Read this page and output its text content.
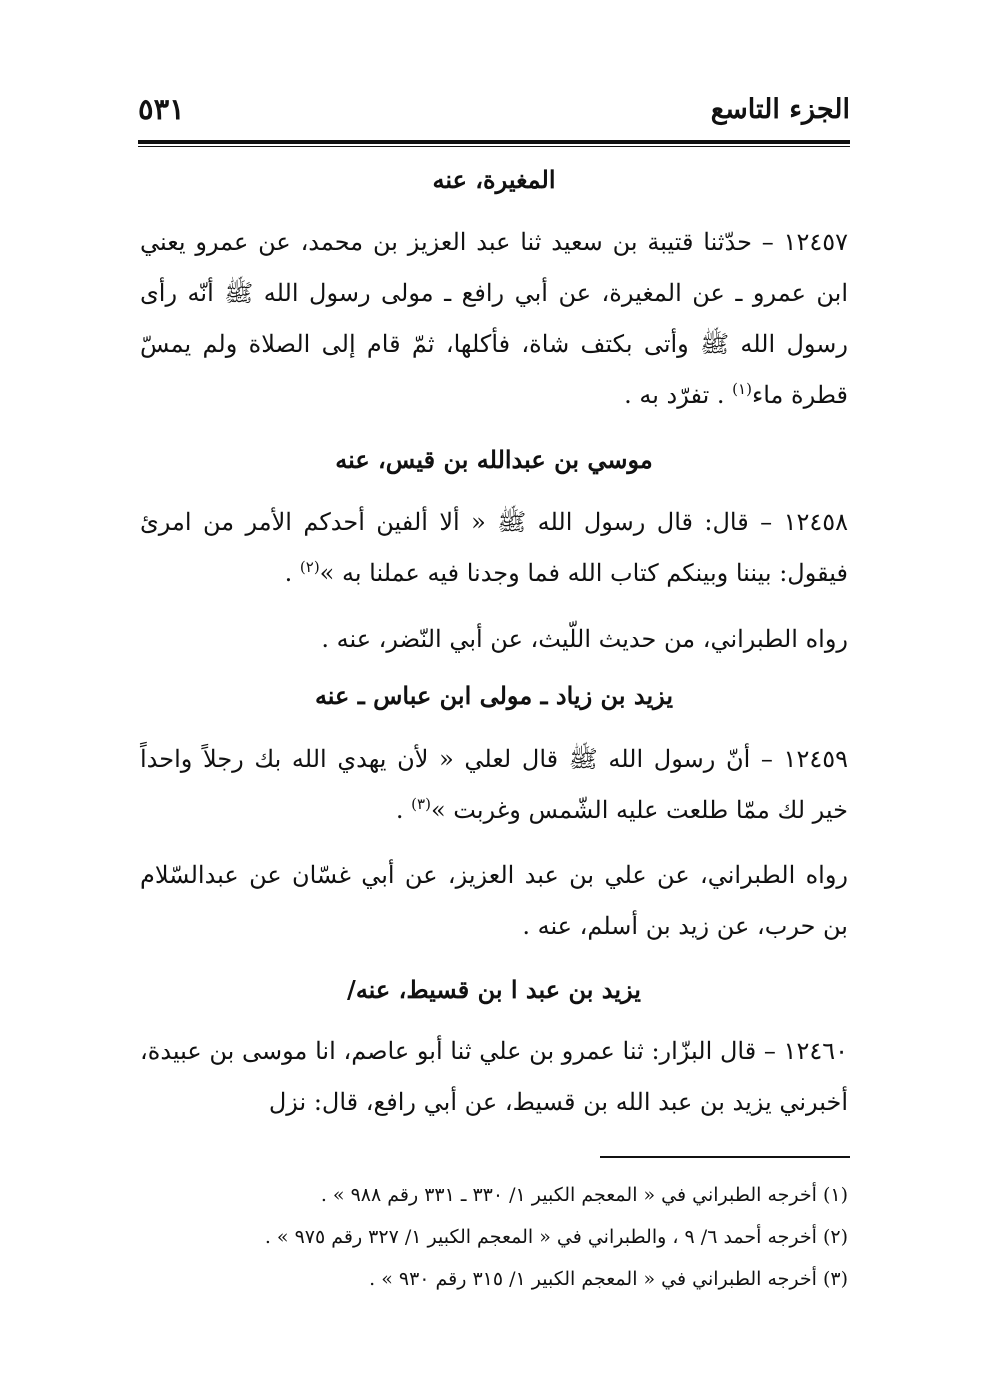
الجزء التاسع
٥٣١
المغيرة، عنه
١٢٤٥٧ – حدّثنا قتيبة بن سعيد ثنا عبد العزيز بن محمد، عن عمرو يعني ابن عمرو ـ عن المغيرة، عن أبي رافع ـ مولى رسول الله ﷺ أنّه رأى رسول الله ﷺ وأتى بكتف شاة، فأكلها، ثمّ قام إلى الصلاة ولم يمسّ قطرة ماء$^{(١)}$ . تفرّد به .
موسي بن عبدالله بن قيس، عنه
١٢٤٥٨ – قال: قال رسول الله ﷺ « ألا ألفين أحدكم الأمر من امرئ فيقول: بيننا وبينكم كتاب الله فما وجدنا فيه عملنا به »$^{(٢)}$ .
رواه الطبراني، من حديث اللّيث، عن أبي النّضر، عنه .
يزيد بن زياد ـ مولى ابن عباس ـ عنه
١٢٤٥٩ – أنّ رسول الله ﷺ قال لعلي « لأن يهدي الله بك رجلاً واحداً خير لك ممّا طلعت عليه الشّمس وغربت »$^{(٣)}$ .
رواه الطبراني، عن علي بن عبد العزيز، عن أبي غسّان عن عبدالسّلام بن حرب، عن زيد بن أسلم، عنه .
يزيد بن عبد ا بن قسيط، عنه/
١٢٤٦٠ – قال البزّار: ثنا عمرو بن علي ثنا أبو عاصم، انا موسى بن عبيدة، أخبرني يزيد بن عبد الله بن قسيط، عن أبي رافع، قال: نزل
(١) أخرجه الطبراني في « المعجم الكبير ١/ ٣٣٠ ـ ٣٣١ رقم ٩٨٨ » .
(٢) أخرجه أحمد ٦/ ٩ ، والطبراني في « المعجم الكبير ١/ ٣٢٧ رقم ٩٧٥ » .
(٣) أخرجه الطبراني في « المعجم الكبير ١/ ٣١٥ رقم ٩٣٠ » .
